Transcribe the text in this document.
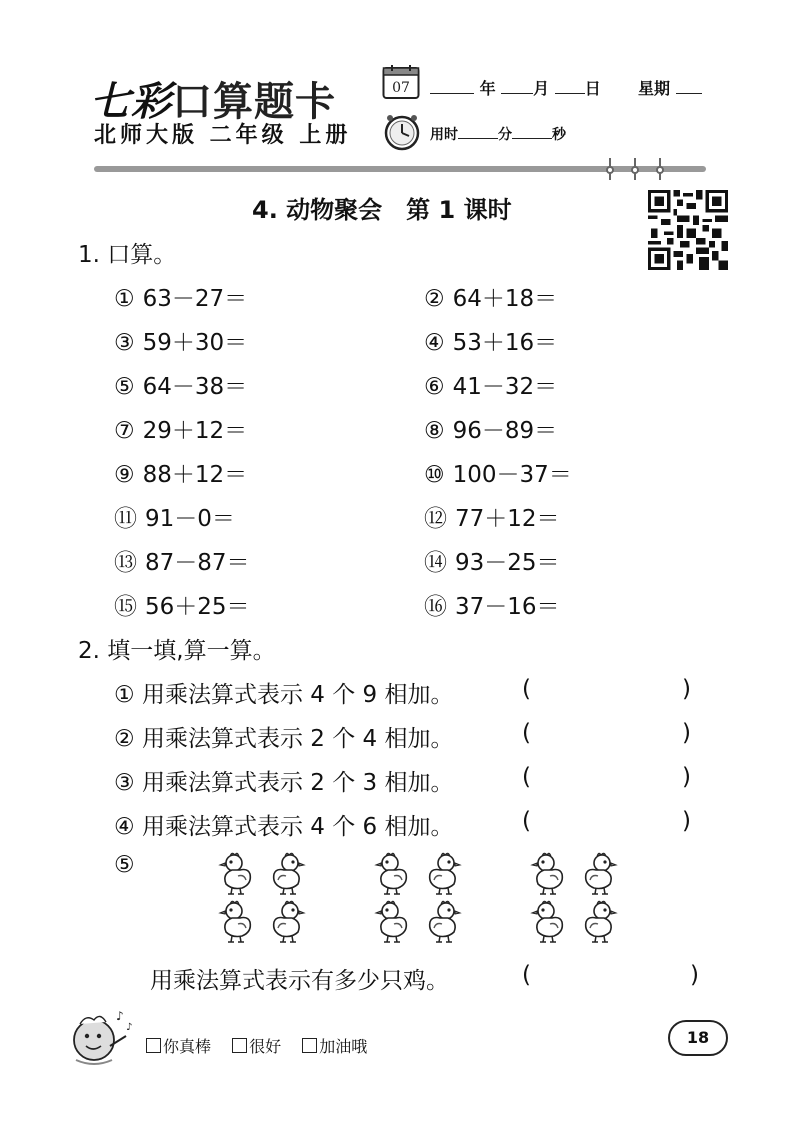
七彩口算题卡
北师大版 二年级 上册
07	年 月 日 星期
用时	分	秒
4. 动物聚会　第 1 课时
1. 口算。
① 63－27＝	② 64＋18＝
③ 59＋30＝	④ 53＋16＝
⑤ 64－38＝	⑥ 41－32＝
⑦ 29＋12＝	⑧ 96－89＝
⑨ 88＋12＝	⑩ 100－37＝
⑪ 91－0＝	⑫ 77＋12＝
⑬ 87－87＝	⑭ 93－25＝
⑮ 56＋25＝	⑯ 37－16＝
2. 填一填,算一算。
① 用乘法算式表示 4 个 9 相加。	(	)
② 用乘法算式表示 2 个 4 相加。	(	)
③ 用乘法算式表示 2 个 3 相加。	(	)
④ 用乘法算式表示 4 个 6 相加。	(	)
⑤
用乘法算式表示有多少只鸡。	(	)
♪
♪
你真棒 很好 加油哦	18
